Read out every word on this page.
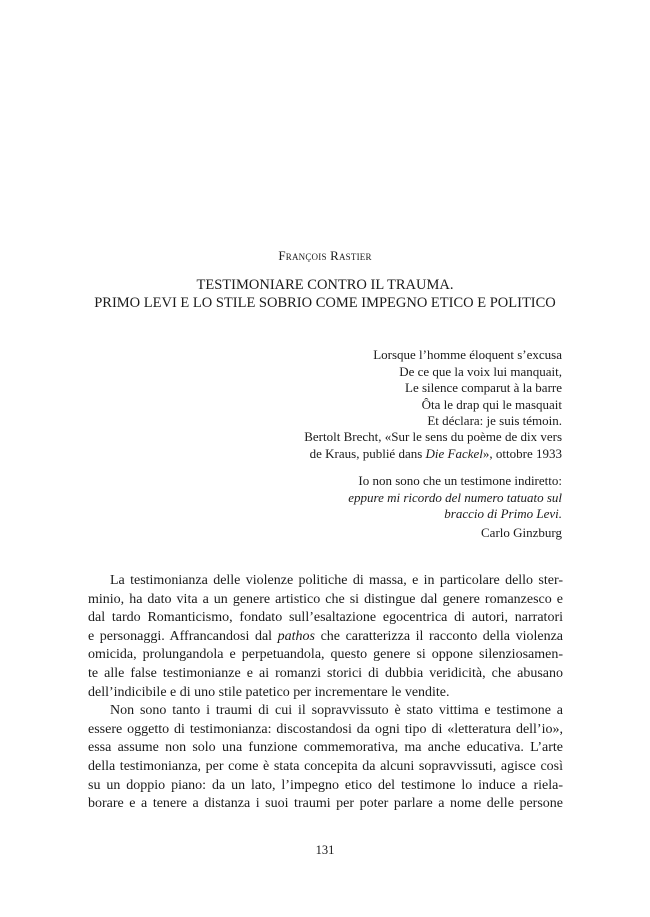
François Rastier
TESTIMONIARE CONTRO IL TRAUMA.
PRIMO LEVI E LO STILE SOBRIO COME IMPEGNO ETICO E POLITICO
Lorsque l’homme éloquent s’excusa
De ce que la voix lui manquait,
Le silence comparut à la barre
Ôta le drap qui le masquait
Et déclara: je suis témoin.
Bertolt Brecht, «Sur le sens du poème de dix vers
de Kraus, publié dans Die Fackel», ottobre 1933
Io non sono che un testimone indiretto:
eppure mi ricordo del numero tatuato sul
braccio di Primo Levi.
Carlo Ginzburg
La testimonianza delle violenze politiche di massa, e in particolare dello ster-
minio, ha dato vita a un genere artistico che si distingue dal genere romanzesco e
dal tardo Romanticismo, fondato sull’esaltazione egocentrica di autori, narratori
e personaggi. Affrancandosi dal pathos che caratterizza il racconto della violenza
omicida, prolungandola e perpetuandola, questo genere si oppone silenziosamen-
te alle false testimonianze e ai romanzi storici di dubbia veridicità, che abusano
dell’indicibile e di uno stile patetico per incrementare le vendite.
Non sono tanto i traumi di cui il sopravvissuto è stato vittima e testimone a
essere oggetto di testimonianza: discostandosi da ogni tipo di «letteratura dell’io»,
essa assume non solo una funzione commemorativa, ma anche educativa. L’arte
della testimonianza, per come è stata concepita da alcuni sopravvissuti, agisce così
su un doppio piano: da un lato, l’impegno etico del testimone lo induce a riela-
borare e a tenere a distanza i suoi traumi per poter parlare a nome delle persone
131
